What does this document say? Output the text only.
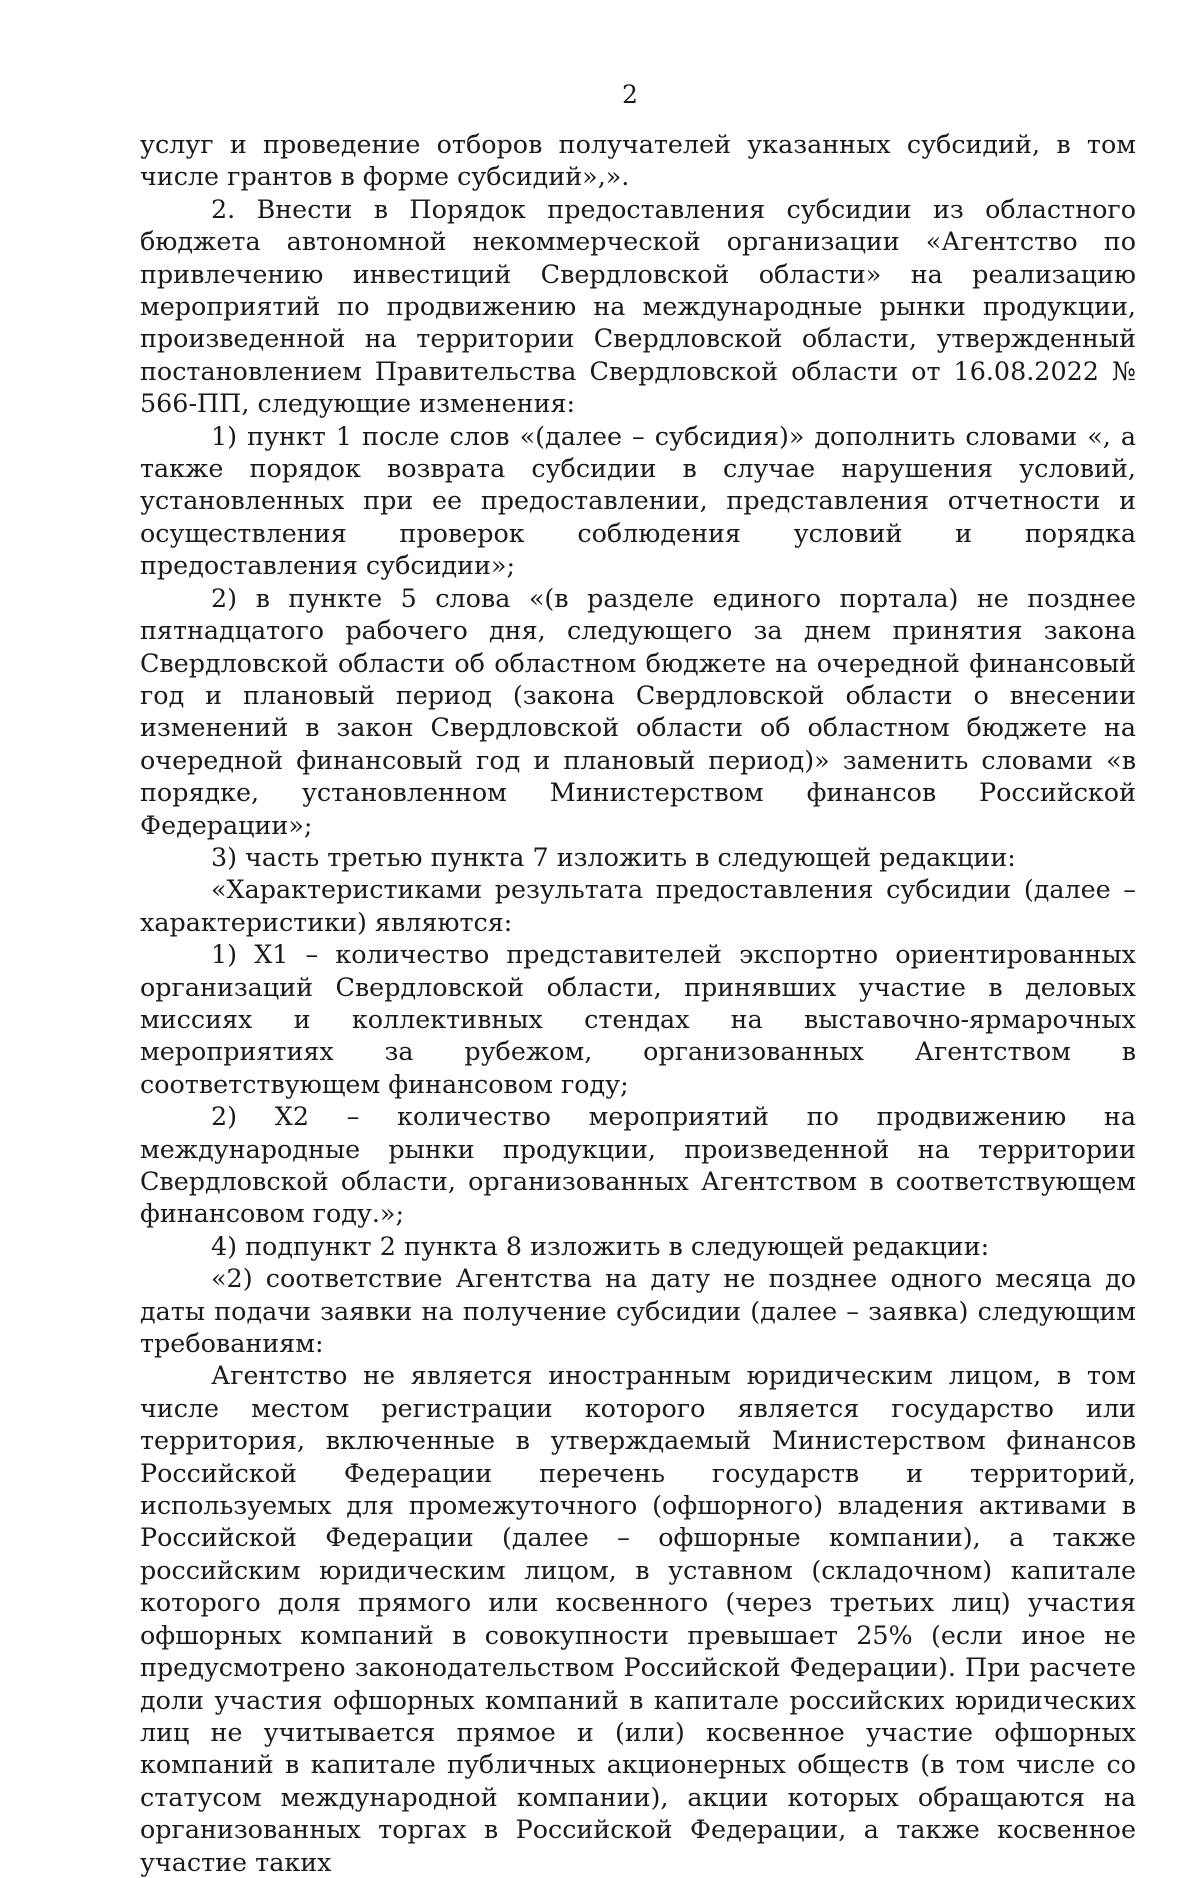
2

услуг и проведение отборов получателей указанных субсидий, в том числе грантов в форме субсидий»,».

2. Внести в Порядок предоставления субсидии из областного бюджета автономной некоммерческой организации «Агентство по привлечению инвестиций Свердловской области» на реализацию мероприятий по продвижению на международные рынки продукции, произведенной на территории Свердловской области, утвержденный постановлением Правительства Свердловской области от 16.08.2022 № 566-ПП, следующие изменения:

1) пункт 1 после слов «(далее – субсидия)» дополнить словами «, а также порядок возврата субсидии в случае нарушения условий, установленных при ее предоставлении, представления отчетности и осуществления проверок соблюдения условий и порядка предоставления субсидии»;

2) в пункте 5 слова «(в разделе единого портала) не позднее пятнадцатого рабочего дня, следующего за днем принятия закона Свердловской области об областном бюджете на очередной финансовый год и плановый период (закона Свердловской области о внесении изменений в закон Свердловской области об областном бюджете на очередной финансовый год и плановый период)» заменить словами «в порядке, установленном Министерством финансов Российской Федерации»;

3) часть третью пункта 7 изложить в следующей редакции:

«Характеристиками результата предоставления субсидии (далее – характеристики) являются:

1) X1 – количество представителей экспортно ориентированных организаций Свердловской области, принявших участие в деловых миссиях и коллективных стендах на выставочно-ярмарочных мероприятиях за рубежом, организованных Агентством в соответствующем финансовом году;

2) X2 – количество мероприятий по продвижению на международные рынки продукции, произведенной на территории Свердловской области, организованных Агентством в соответствующем финансовом году.»;

4) подпункт 2 пункта 8 изложить в следующей редакции:

«2) соответствие Агентства на дату не позднее одного месяца до даты подачи заявки на получение субсидии (далее – заявка) следующим требованиям:

Агентство не является иностранным юридическим лицом, в том числе местом регистрации которого является государство или территория, включенные в утверждаемый Министерством финансов Российской Федерации перечень государств и территорий, используемых для промежуточного (офшорного) владения активами в Российской Федерации (далее – офшорные компании), а также российским юридическим лицом, в уставном (складочном) капитале которого доля прямого или косвенного (через третьих лиц) участия офшорных компаний в совокупности превышает 25% (если иное не предусмотрено законодательством Российской Федерации). При расчете доли участия офшорных компаний в капитале российских юридических лиц не учитывается прямое и (или) косвенное участие офшорных компаний в капитале публичных акционерных обществ (в том числе со статусом международной компании), акции которых обращаются на организованных торгах в Российской Федерации, а также косвенное участие таких
